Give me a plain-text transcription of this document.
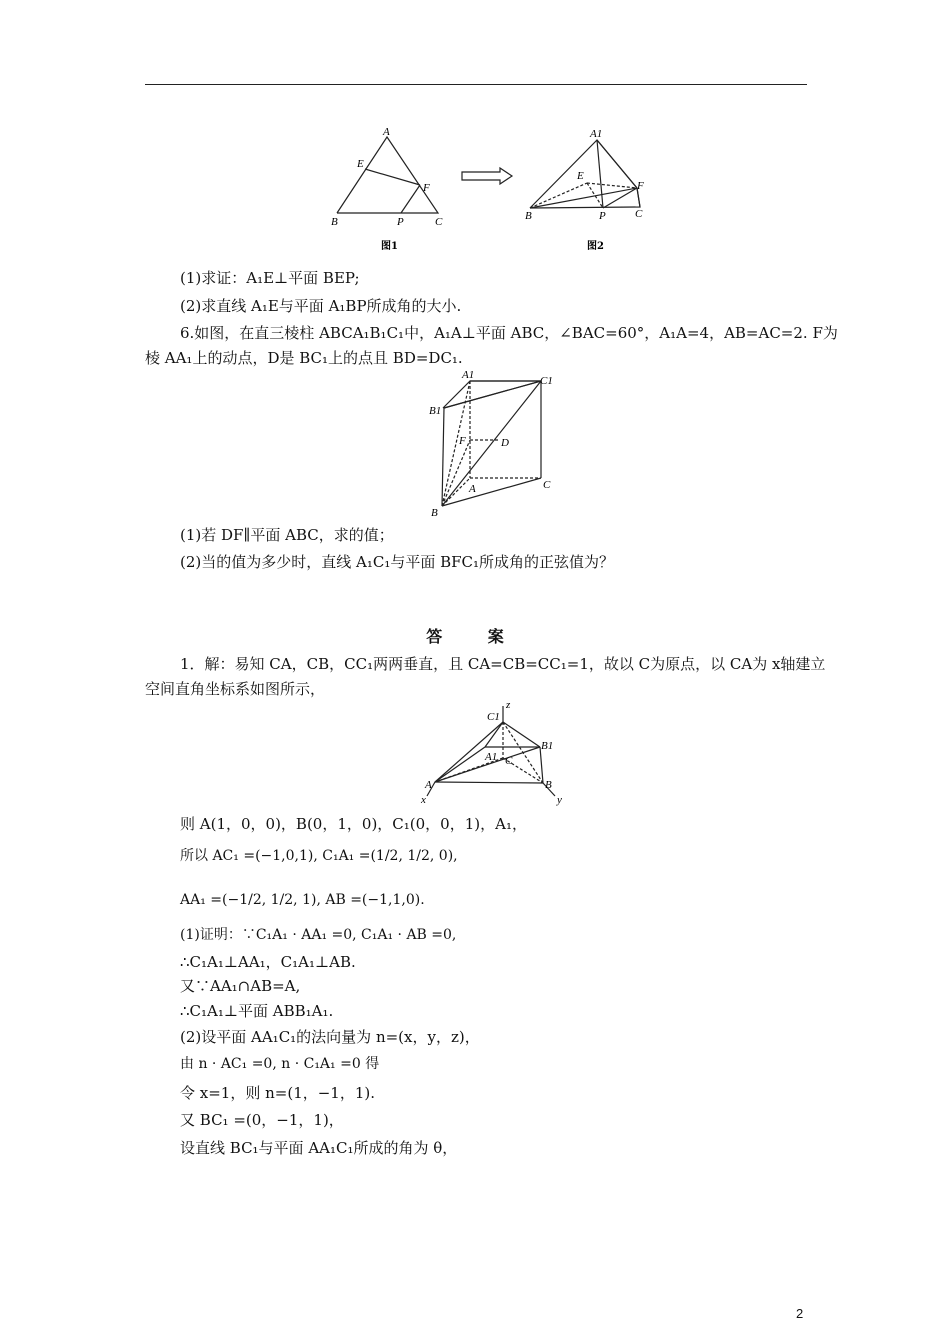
A
E
F
B	P	C
A1
E
F
B	P	C
图1	图2
(1)求证：A₁E⊥平面 BEP;
(2)求直线 A₁E与平面 A₁BP所成角的大小.
6.如图，在直三棱柱 ABCA₁B₁C₁中，A₁A⊥平面 ABC，∠BAC=60°，A₁A=4，AB=AC=2. F为
棱 AA₁上的动点，D是 BC₁上的点且 BD=DC₁.
A1	C1
B1
F	D
A	C
B
(1)若 DF∥平面 ABC，求的值；
(2)当的值为多少时，直线 A₁C₁与平面 BFC₁所成角的正弦值为？
答 案
1．解：易知 CA，CB，CC₁两两垂直，且 CA=CB=CC₁=1，故以 C为原点，以 CA为 x轴建立
空间直角坐标系如图所示，
C1
z
B1
A1 C
A	B
x	y
则 A(1，0，0)，B(0，1，0)，C₁(0，0，1)，A₁，
所以 AC₁ =(−1,0,1), C₁A₁ =(1/2, 1/2, 0),
AA₁ =(−1/2, 1/2, 1), AB =(−1,1,0).
(1)证明：∵C₁A₁ · AA₁ =0, C₁A₁ · AB =0,
∴C₁A₁⊥AA₁，C₁A₁⊥AB.
又∵AA₁∩AB=A,
∴C₁A₁⊥平面 ABB₁A₁.
(2)设平面 AA₁C₁的法向量为 n=(x，y，z)，
由 n · AC₁ =0, n · C₁A₁ =0 得
令 x=1，则 n=(1，−1，1).
又 BC₁ =(0，−1，1)，
设直线 BC₁与平面 AA₁C₁所成的角为 θ，
2
